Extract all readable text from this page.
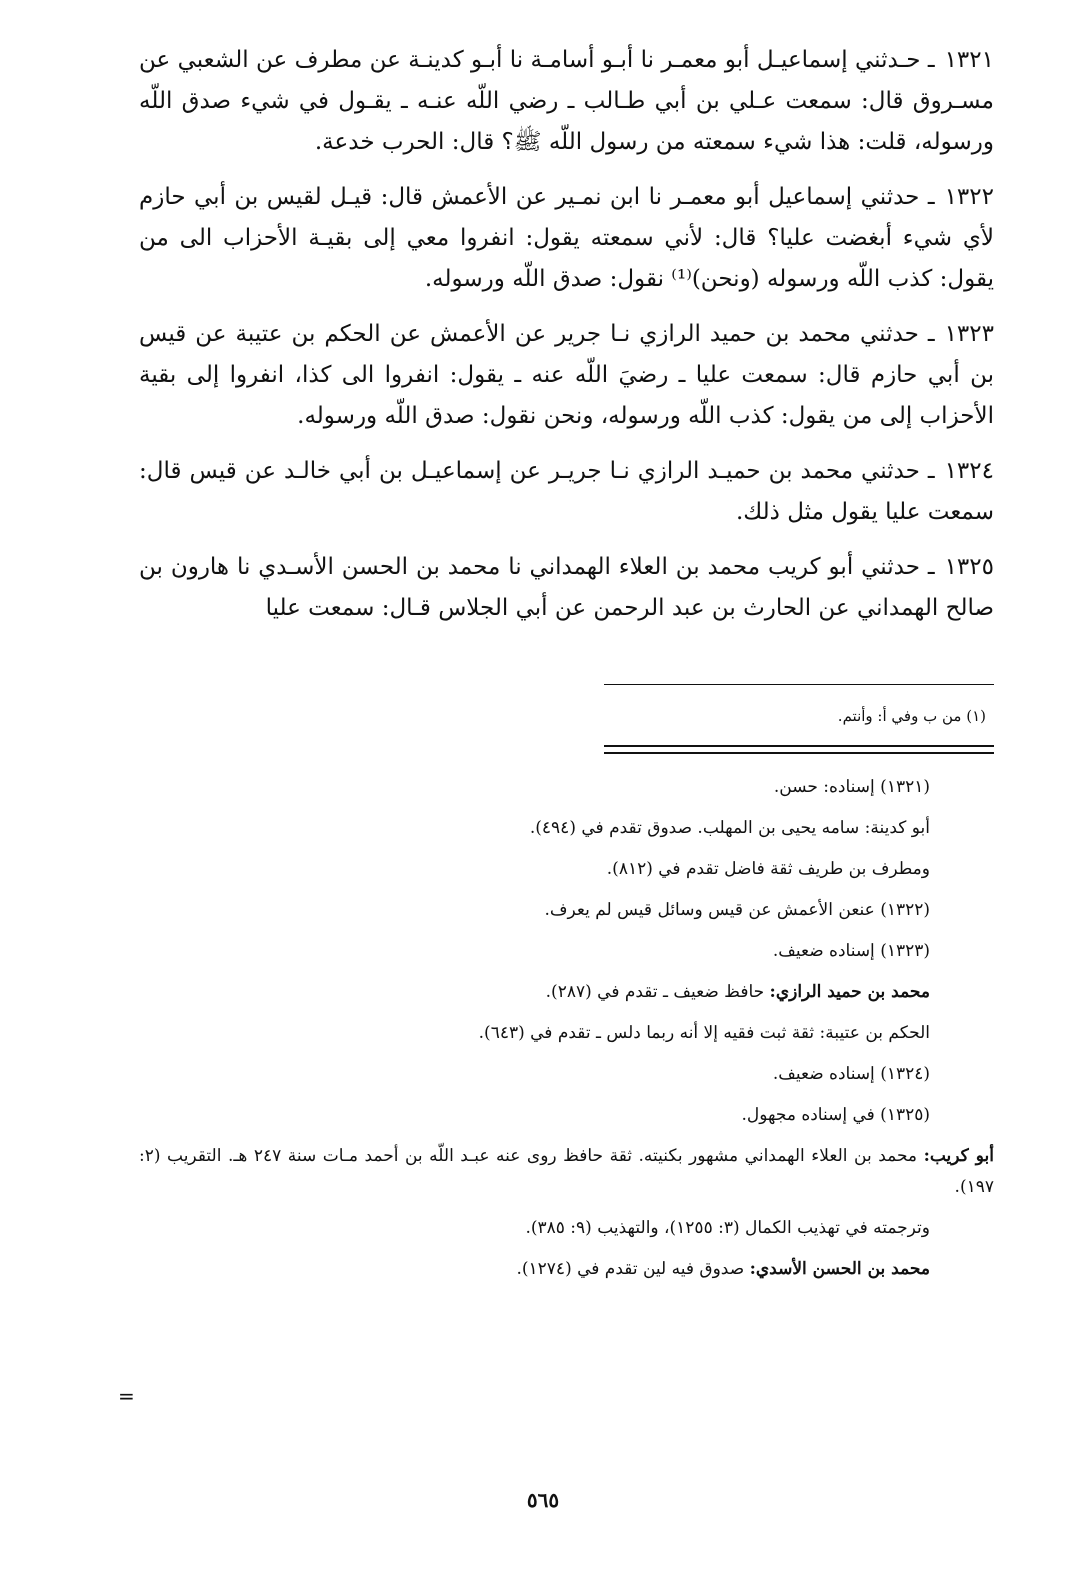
١٣٢١ـ حـدثني إسماعيـل أبو معمـر نا أبـو أسامـة نا أبـو كدينـة عن مطرف عن الشعبي عن مسـروق قال: سمعت عـلي بن أبي طـالب ـ رضي اللّه عنـه ـ يقـول في شيء صدق اللّه ورسوله، قلت: هذا شيء سمعته من رسول اللّه ﷺ؟ قال: الحرب خدعة.

١٣٢٢ـ حدثني إسماعيل أبو معمـر نا ابن نمـير عن الأعمش قال: قيـل لقيس بن أبي حازم لأي شيء أبغضت عليا؟ قال: لأني سمعته يقول: انفروا معي إلى بقيـة الأحزاب الى من يقول: كذب اللّه ورسوله (ونحن)⁽¹⁾ نقول: صدق اللّه ورسوله.

١٣٢٣ـ حدثني محمد بن حميد الرازي نـا جرير عن الأعمش عن الحكم بن عتيبة عن قيس بن أبي حازم قال: سمعت عليا ـ رضيَ اللّه عنه ـ يقول: انفروا الى كذا، انفروا إلى بقية الأحزاب إلى من يقول: كذب اللّه ورسوله، ونحن نقول: صدق اللّه ورسوله.

١٣٢٤ـ حدثني محمد بن حميـد الرازي نـا جريـر عن إسماعيـل بن أبي خالـد عن قيس قال: سمعت عليا يقول مثل ذلك.

١٣٢٥ـ حدثني أبو كريب محمد بن العلاء الهمداني نا محمد بن الحسن الأسـدي نا هارون بن صالح الهمداني عن الحارث بن عبد الرحمن عن أبي الجلاس قـال: سمعت عليا

(١) من ب وفي أ: وأنتم.

(١٣٢١) إسناده: حسن.

أبو كدينة: سامه يحيى بن المهلب. صدوق تقدم في (٤٩٤).

ومطرف بن طريف ثقة فاضل تقدم في (٨١٢).

(١٣٢٢) عنعن الأعمش عن قيس وسائل قيس لم يعرف.

(١٣٢٣) إسناده ضعيف.

محمد بن حميد الرازي: حافظ ضعيف ـ تقدم في (٢٨٧).

الحكم بن عتيبة: ثقة ثبت فقيه إلا أنه ربما دلس ـ تقدم في (٦٤٣).

(١٣٢٤) إسناده ضعيف.

(١٣٢٥) في إسناده مجهول.

أبو كريب: محمد بن العلاء الهمداني مشهور بكنيته. ثقة حافظ روى عنه عبـد اللّه بن أحمد مـات سنة ٢٤٧ هـ. التقريب (٢: ١٩٧).

وترجمته في تهذيب الكمال (٣: ١٢٥٥)، والتهذيب (٩: ٣٨٥).

محمد بن الحسن الأسدي: صدوق فيه لين تقدم في (١٢٧٤).

=
٥٦٥
